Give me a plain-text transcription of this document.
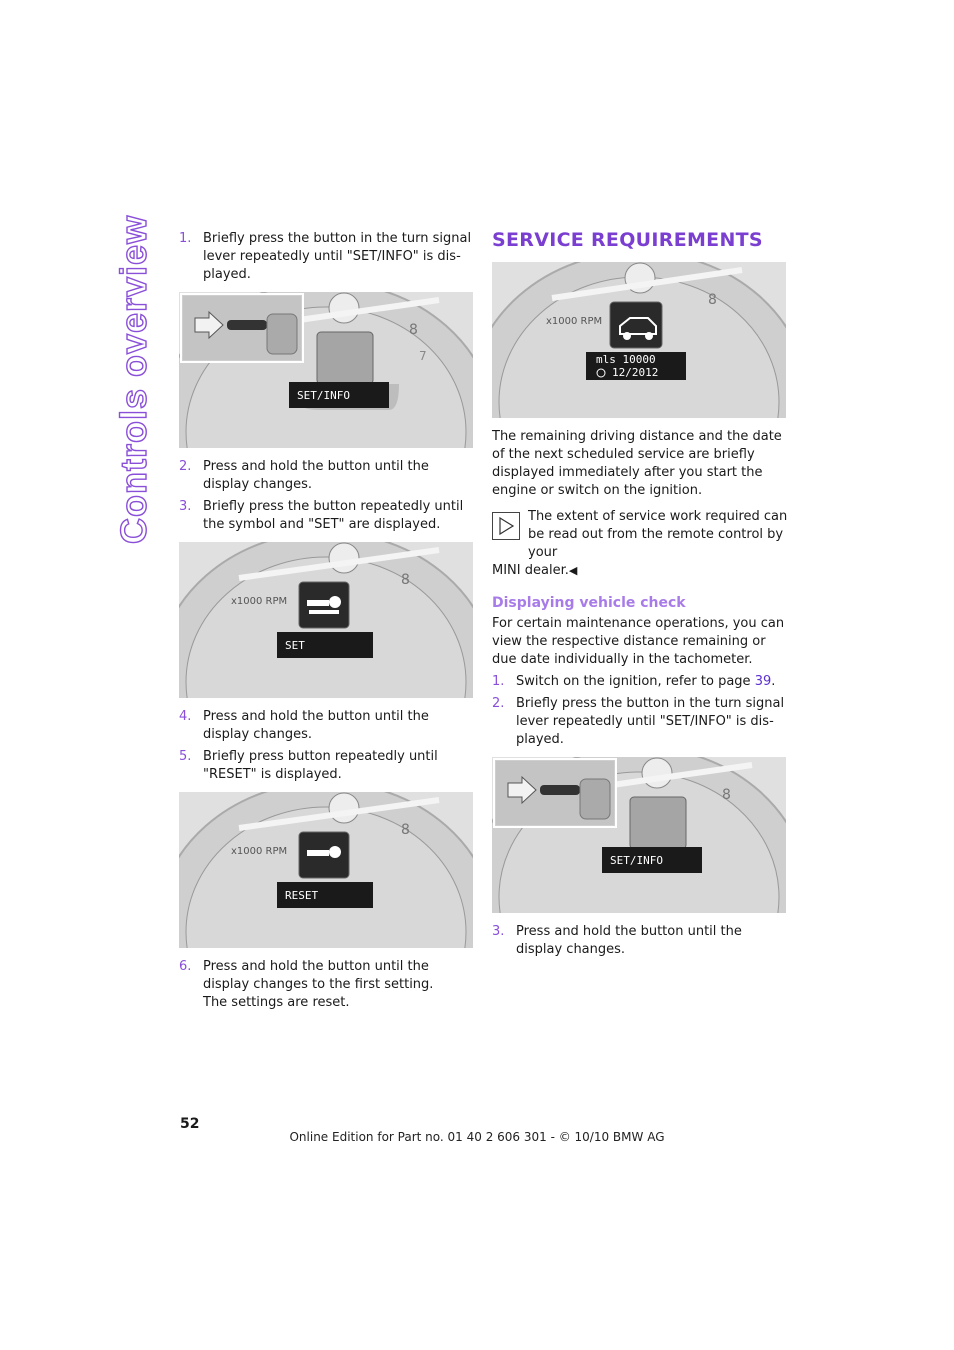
Controls overview	1. Briefly press the button in the turn signal lever repeatedly until "SET/INFO" is dis-played.
8
7
SET/INFO
2. Press and hold the button until the display changes.
3. Briefly press the button repeatedly until the symbol and "SET" are displayed.
8
x1000 RPM
SET
4. Press and hold the button until the display changes.
5. Briefly press button repeatedly until "RESET" is displayed.
8
x1000 RPM
RESET
6. Press and hold the button until the display changes to the first setting.
The settings are reset.
SERVICE REQUIREMENTS
8
x1000 RPM
mls 10000
12/2012

The remaining driving distance and the date of the next scheduled service are briefly displayed immediately after you start the engine or switch on the ignition.

The extent of service work required can be read out from the remote control by your
MINI dealer.◀
Displaying vehicle check

For certain maintenance operations, you can view the respective distance remaining or due date individually in the tachometer.

1. Switch on the ignition, refer to page 39.
2. Briefly press the button in the turn signal lever repeatedly until "SET/INFO" is dis-played.
8
SET/INFO
3. Press and hold the button until the display changes.
52
Online Edition for Part no. 01 40 2 606 301 - © 10/10 BMW AG
